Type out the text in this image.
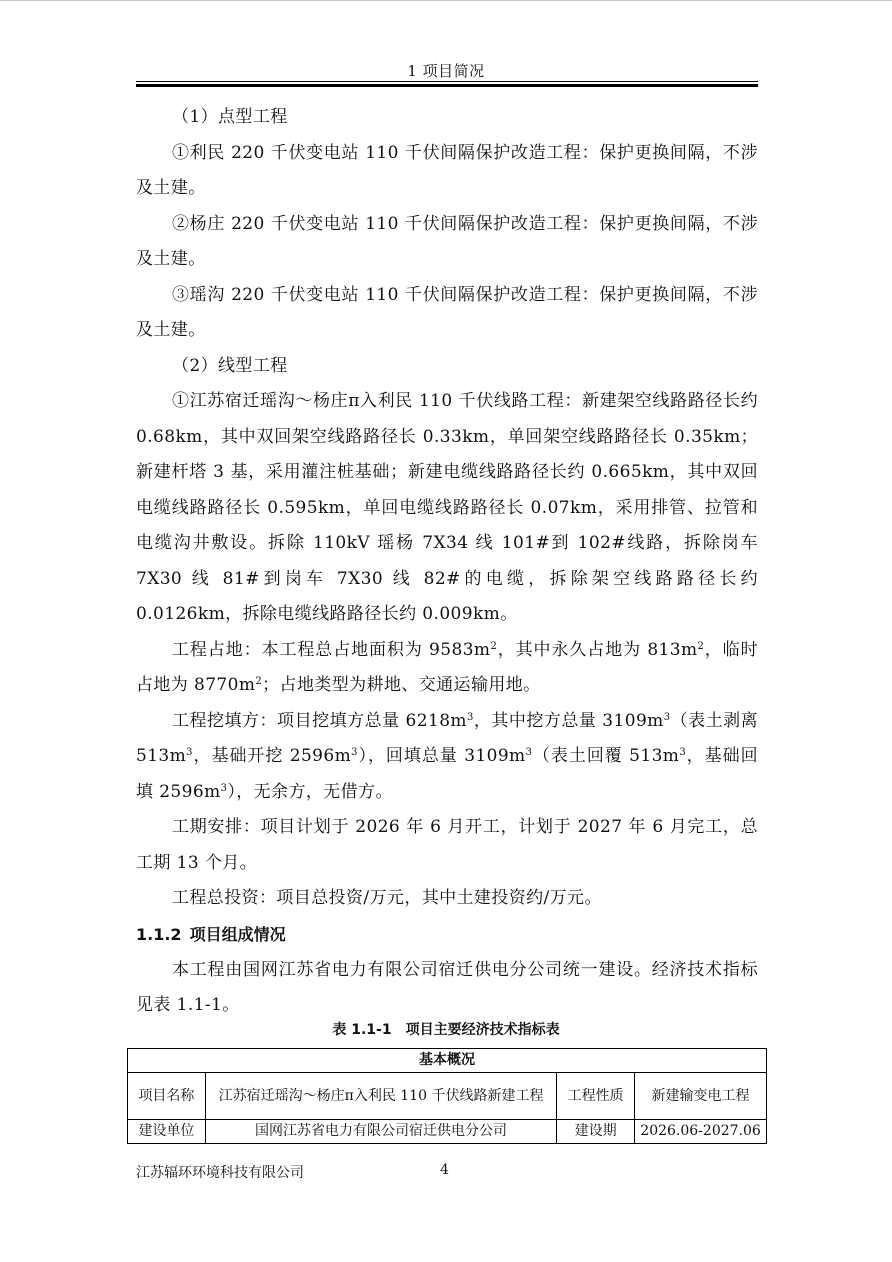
1 项目简况

（1）点型工程

①利民 220 千伏变电站 110 千伏间隔保护改造工程：保护更换间隔，不涉及土建。

②杨庄 220 千伏变电站 110 千伏间隔保护改造工程：保护更换间隔，不涉及土建。

③瑶沟 220 千伏变电站 110 千伏间隔保护改造工程：保护更换间隔，不涉及土建。

（2）线型工程

①江苏宿迁瑶沟～杨庄π入利民 110 千伏线路工程：新建架空线路路径长约 0.68km，其中双回架空线路路径长 0.33km，单回架空线路路径长 0.35km；新建杆塔 3 基，采用灌注桩基础；新建电缆线路路径长约 0.665km，其中双回电缆线路路径长 0.595km，单回电缆线路路径长 0.07km，采用排管、拉管和电缆沟井敷设。拆除 110kV 瑶杨 7X34 线 101#到 102#线路，拆除岗车 7X30 线 81#到岗车 7X30 线 82#的电缆，拆除架空线路路径长约 0.0126km，拆除电缆线路路径长约 0.009km。

工程占地：本工程总占地面积为 $9583m^2$，其中永久占地为 $813m^2$，临时占地为 $8770m^2$；占地类型为耕地、交通运输用地。

工程挖填方：项目挖填方总量 $6218m^3$，其中挖方总量 $3109m^3$（表土剥离 $513m^3$，基础开挖 $2596m^3$），回填总量 $3109m^3$（表土回覆 $513m^3$，基础回填 $2596m^3$），无余方，无借方。

工期安排：项目计划于 2026 年 6 月开工，计划于 2027 年 6 月完工，总工期 13 个月。

工程总投资：项目总投资/万元，其中土建投资约/万元。

1.1.2 项目组成情况

本工程由国网江苏省电力有限公司宿迁供电分公司统一建设。经济技术指标见表 1.1-1。

表 1.1-1　项目主要经济技术指标表
基本概况			
项目名称	江苏宿迁瑶沟～杨庄π入利民 110 千伏线路新建工程	工程性质	新建输变电工程
建设单位	国网江苏省电力有限公司宿迁供电分公司	建设期	2026.06-2027.06
江苏辐环环境科技有限公司	4
